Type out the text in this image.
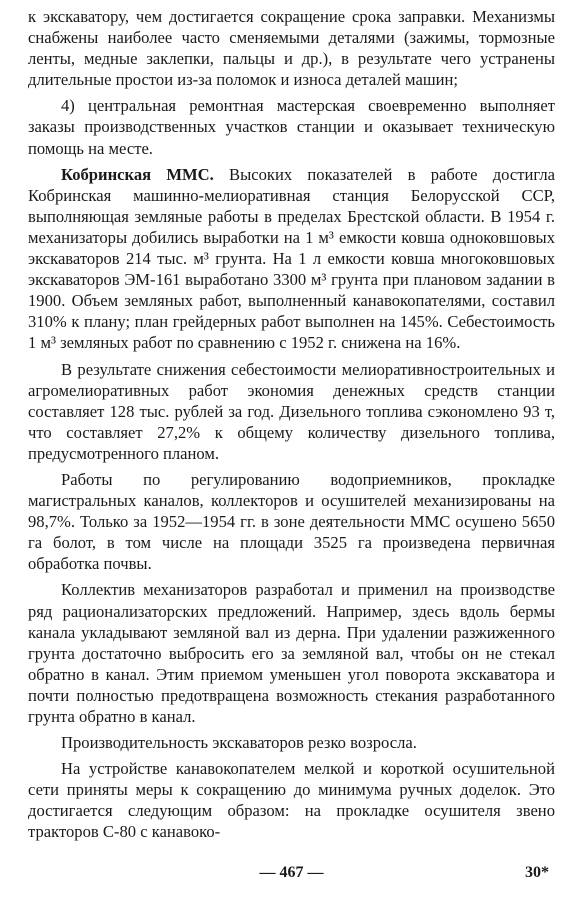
к экскаватору, чем достигается сокращение срока заправки. Механизмы снабжены наиболее часто сменяемыми деталями (зажимы, тормозные ленты, медные заклепки, пальцы и др.), в результате чего устранены длительные простои из-за поломок и износа деталей машин;

4) центральная ремонтная мастерская своевременно выполняет заказы производственных участков станции и оказывает техническую помощь на месте.

Кобринская ММС. Высоких показателей в работе достигла Кобринская машинно-мелиоративная станция Белорусской ССР, выполняющая земляные работы в пределах Брестской области. В 1954 г. механизаторы добились выработки на 1 м³ емкости ковша одноковшовых экскаваторов 214 тыс. м³ грунта. На 1 л емкости ковша многоковшовых экскаваторов ЭМ-161 выработано 3300 м³ грунта при плановом задании в 1900. Объем земляных работ, выполненный канавокопателями, составил 310% к плану; план грейдерных работ выполнен на 145%. Себестоимость 1 м³ земляных работ по сравнению с 1952 г. снижена на 16%.

В результате снижения себестоимости мелиоративностроительных и агромелиоративных работ экономия денежных средств станции составляет 128 тыс. рублей за год. Дизельного топлива сэкономлено 93 т, что составляет 27,2% к общему количеству дизельного топлива, предусмотренного планом.

Работы по регулированию водоприемников, прокладке магистральных каналов, коллекторов и осушителей механизированы на 98,7%. Только за 1952—1954 гг. в зоне деятельности ММС осушено 5650 га болот, в том числе на площади 3525 га произведена первичная обработка почвы.

Коллектив механизаторов разработал и применил на производстве ряд рационализаторских предложений. Например, здесь вдоль бермы канала укладывают земляной вал из дерна. При удалении разжиженного грунта достаточно выбросить его за земляной вал, чтобы он не стекал обратно в канал. Этим приемом уменьшен угол поворота экскаватора и почти полностью предотвращена возможность стекания разработанного грунта обратно в канал.

Производительность экскаваторов резко возросла.

На устройстве канавокопателем мелкой и короткой осушительной сети приняты меры к сокращению до минимума ручных доделок. Это достигается следующим образом: на прокладке осушителя звено тракторов С-80 с канавоко-

— 467 —	30*
